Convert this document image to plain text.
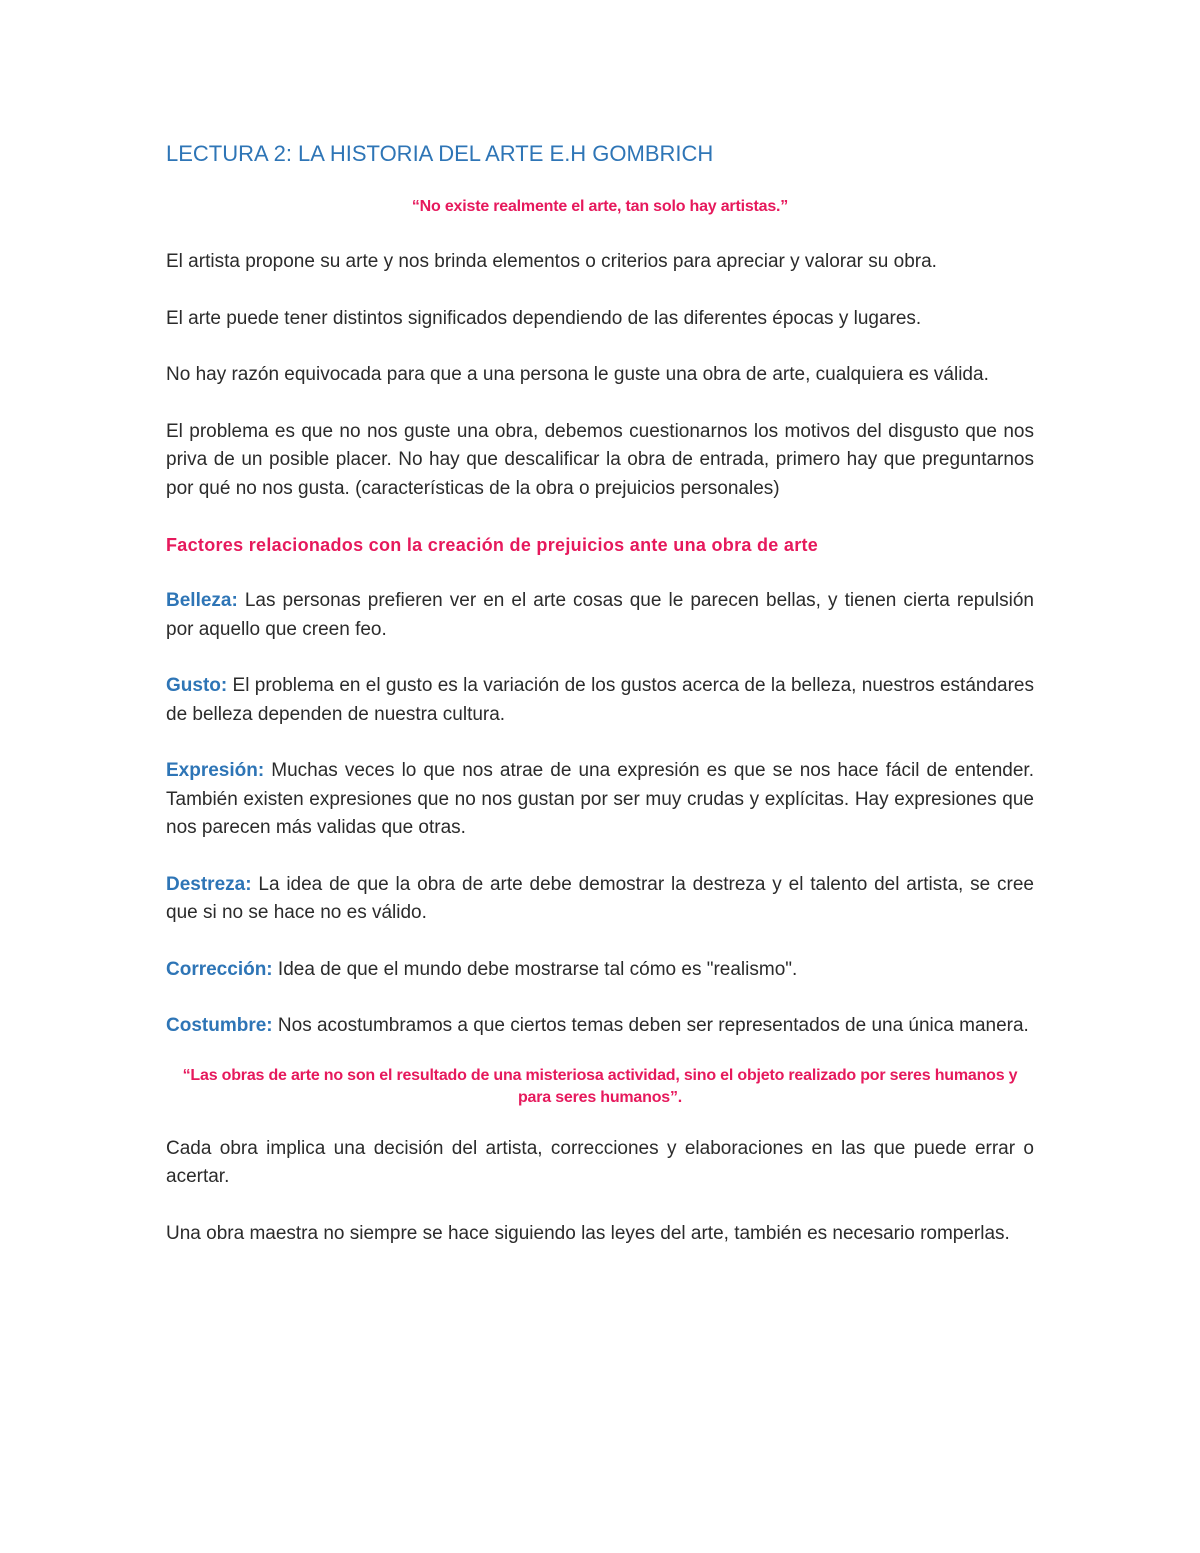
LECTURA 2: LA HISTORIA DEL ARTE E.H GOMBRICH
“No existe realmente el arte, tan solo hay artistas.”

El artista propone su arte y nos brinda elementos o criterios para apreciar y valorar su obra.

El arte puede tener distintos significados dependiendo de las diferentes épocas y lugares.

No hay razón equivocada para que a una persona le guste una obra de arte, cualquiera es válida.

El problema es que no nos guste una obra, debemos cuestionarnos los motivos del disgusto que nos priva de un posible placer. No hay que descalificar la obra de entrada, primero hay que preguntarnos por qué no nos gusta. (características de la obra o prejuicios personales)

Factores relacionados con la creación de prejuicios ante una obra de arte

Belleza: Las personas prefieren ver en el arte cosas que le parecen bellas, y tienen cierta repulsión por aquello que creen feo.

Gusto: El problema en el gusto es la variación de los gustos acerca de la belleza, nuestros estándares de belleza dependen de nuestra cultura.

Expresión: Muchas veces lo que nos atrae de una expresión es que se nos hace fácil de entender. También existen expresiones que no nos gustan por ser muy crudas y explícitas. Hay expresiones que nos parecen más validas que otras.

Destreza: La idea de que la obra de arte debe demostrar la destreza y el talento del artista, se cree que si no se hace no es válido.

Corrección: Idea de que el mundo debe mostrarse tal cómo es "realismo".

Costumbre: Nos acostumbramos a que ciertos temas deben ser representados de una única manera.

“Las obras de arte no son el resultado de una misteriosa actividad, sino el objeto realizado por seres humanos y para seres humanos”.

Cada obra implica una decisión del artista, correcciones y elaboraciones en las que puede errar o acertar.

Una obra maestra no siempre se hace siguiendo las leyes del arte, también es necesario romperlas.
